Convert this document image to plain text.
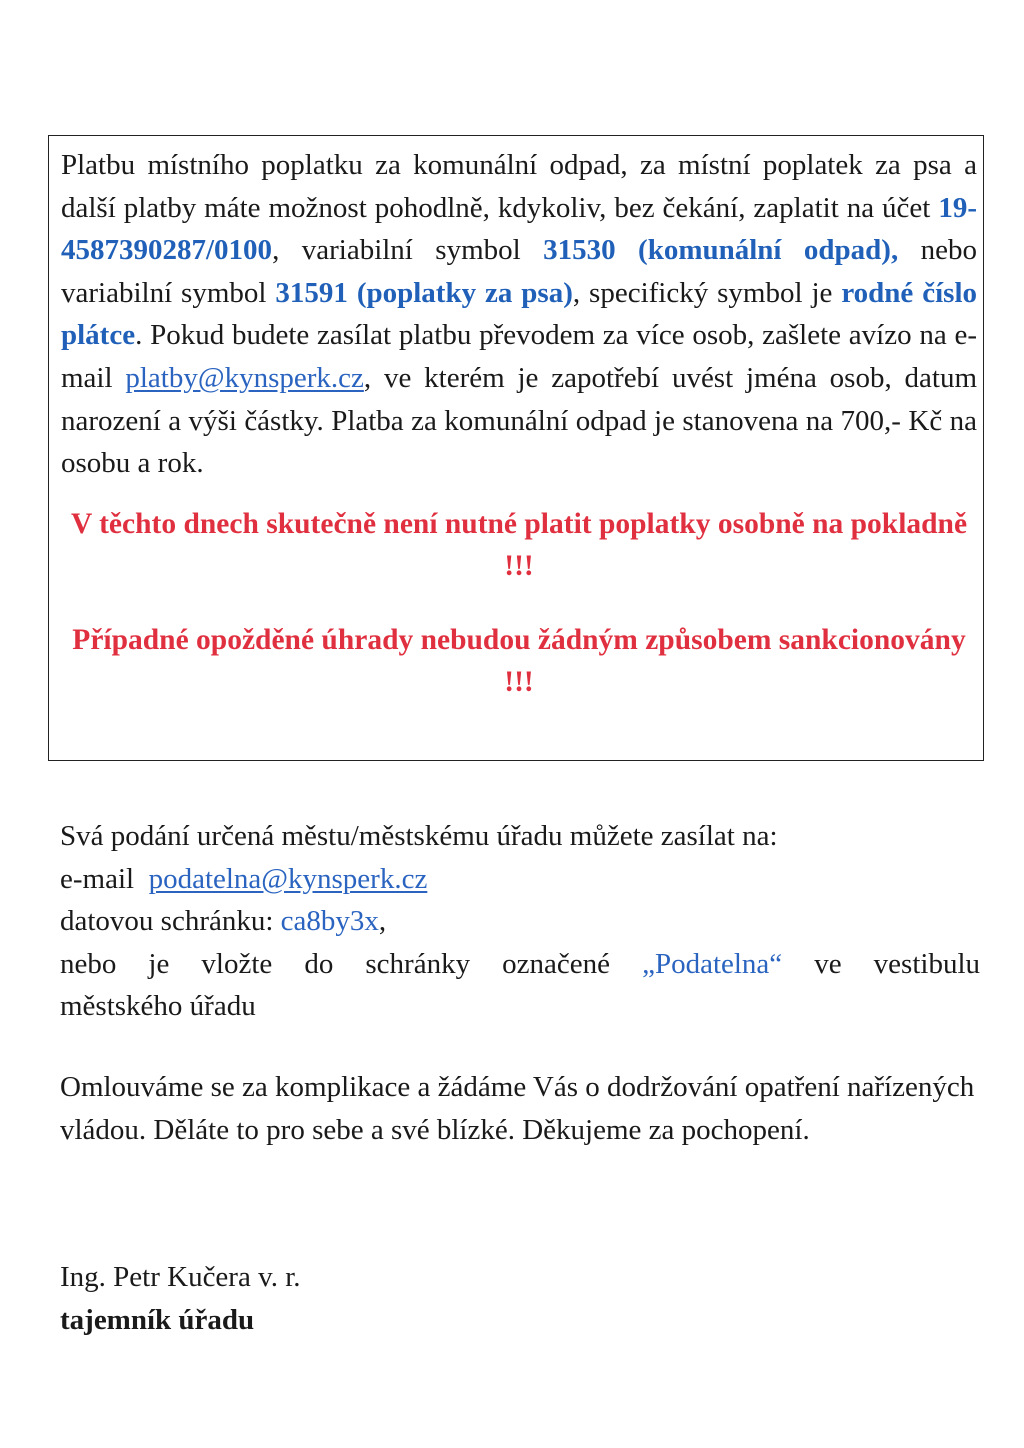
Platbu místního poplatku za komunální odpad, za místní poplatek za psa a další platby máte možnost pohodlně, kdykoliv, bez čekání, zaplatit na účet 19-4587390287/0100, variabilní symbol 31530 (komunální odpad), nebo variabilní symbol 31591 (poplatky za psa), specifický symbol je rodné číslo plátce. Pokud budete zasílat platbu převodem za více osob, zašlete avízo na e-mail platby@kynsperk.cz, ve kterém je zapotřebí uvést jména osob, datum narození a výši částky. Platba za komunální odpad je stanovena na 700,- Kč na osobu a rok.

V těchto dnech skutečně není nutné platit poplatky osobně na pokladně !!!

Případné opožděné úhrady nebudou žádným způsobem sankcionovány !!!

Svá podání určená městu/městskému úřadu můžete zasílat na:

e-mail  podatelna@kynsperk.cz

datovou schránku: ca8by3x,

nebo je vložte do schránky označené „Podatelna“ ve vestibulu

městského úřadu

Omlouváme se za komplikace a žádáme Vás o dodržování opatření nařízených vládou. Děláte to pro sebe a své blízké. Děkujeme za pochopení.

Ing. Petr Kučera v. r.

tajemník úřadu
